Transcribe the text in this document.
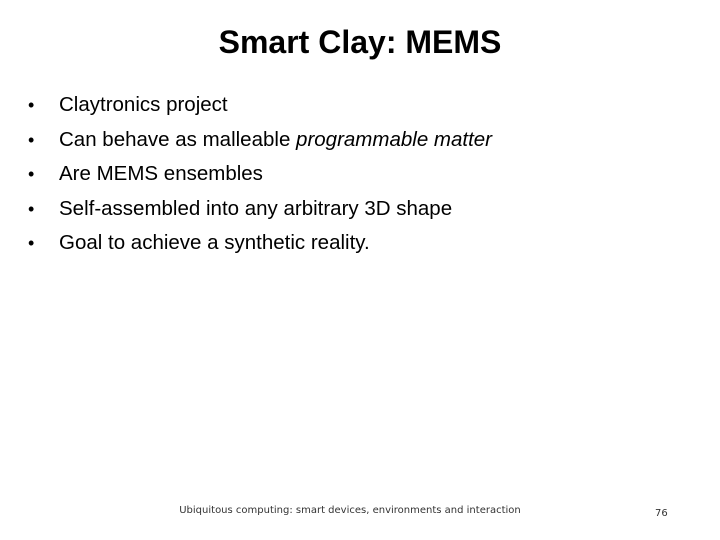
Smart Clay: MEMS
• Claytronics project
• Can behave as malleable programmable matter
• Are MEMS ensembles
• Self-assembled into any arbitrary 3D shape
• Goal to achieve a synthetic reality.
Ubiquitous computing: smart devices, environments and interaction	76
